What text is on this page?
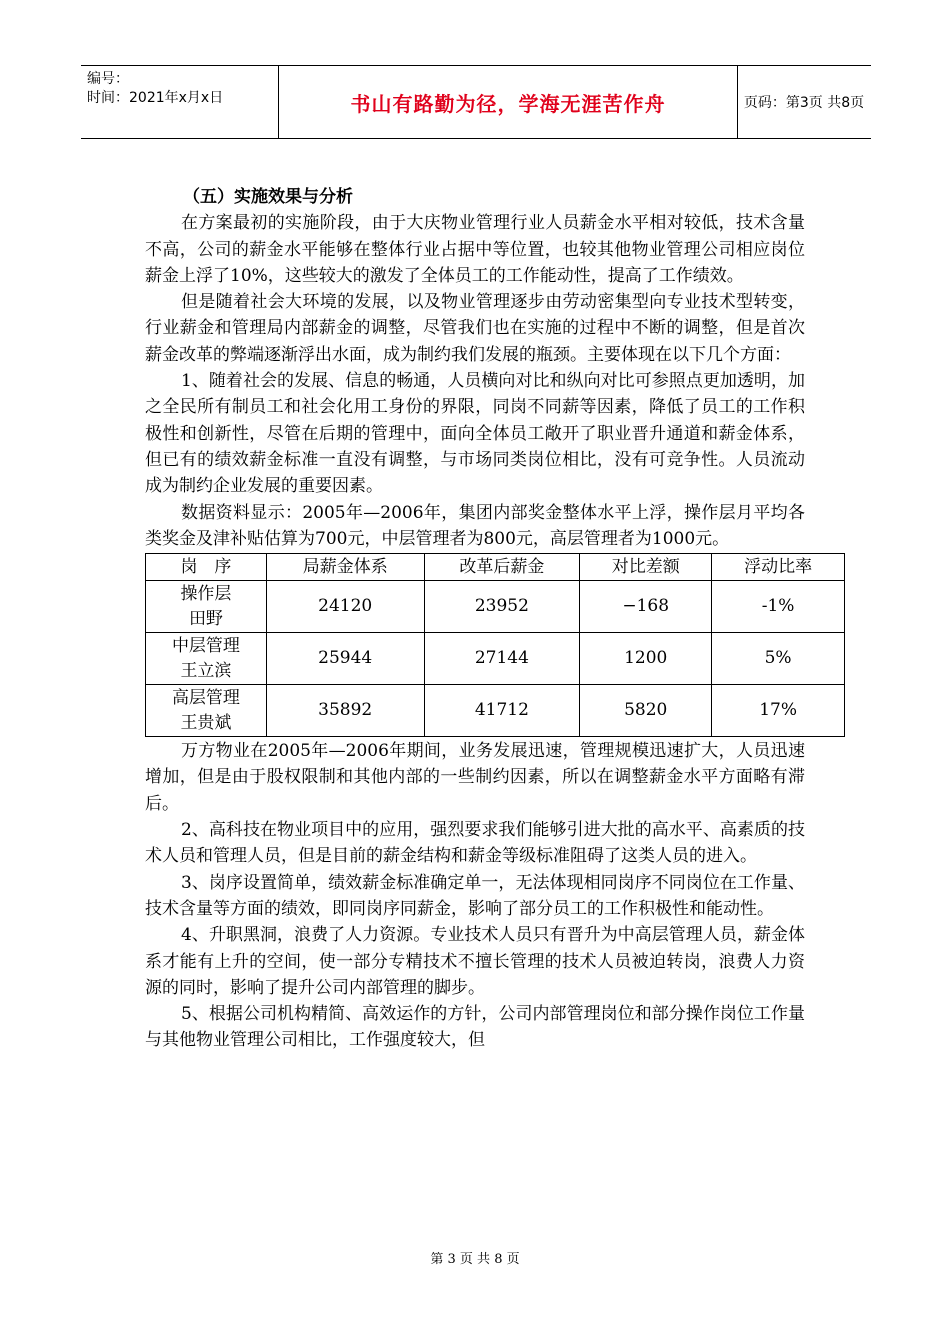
编号：
时间：2021年x月x日	书山有路勤为径，学海无涯苦作舟	页码：第3页 共8页

（五）实施效果与分析

在方案最初的实施阶段，由于大庆物业管理行业人员薪金水平相对较低，技术含量不高，公司的薪金水平能够在整体行业占据中等位置，也较其他物业管理公司相应岗位薪金上浮了10%，这些较大的激发了全体员工的工作能动性，提高了工作绩效。

但是随着社会大环境的发展，以及物业管理逐步由劳动密集型向专业技术型转变，行业薪金和管理局内部薪金的调整，尽管我们也在实施的过程中不断的调整，但是首次薪金改革的弊端逐渐浮出水面，成为制约我们发展的瓶颈。主要体现在以下几个方面：

1、随着社会的发展、信息的畅通，人员横向对比和纵向对比可参照点更加透明，加之全民所有制员工和社会化用工身份的界限，同岗不同薪等因素，降低了员工的工作积极性和创新性，尽管在后期的管理中，面向全体员工敞开了职业晋升通道和薪金体系，但已有的绩效薪金标准一直没有调整，与市场同类岗位相比，没有可竞争性。人员流动成为制约企业发展的重要因素。

数据资料显示：2005年—2006年，集团内部奖金整体水平上浮，操作层月平均各类奖金及津补贴估算为700元，中层管理者为800元，高层管理者为1000元。

岗　序	局薪金体系	改革后薪金	对比差额	浮动比率

操作层
田野	24120	23952	−168	-1%

中层管理
王立滨	25944	27144	1200	5%

高层管理
王贵斌	35892	41712	5820	17%

万方物业在2005年—2006年期间，业务发展迅速，管理规模迅速扩大，人员迅速增加，但是由于股权限制和其他内部的一些制约因素，所以在调整薪金水平方面略有滞后。

2、高科技在物业项目中的应用，强烈要求我们能够引进大批的高水平、高素质的技术人员和管理人员，但是目前的薪金结构和薪金等级标准阻碍了这类人员的进入。

3、岗序设置简单，绩效薪金标准确定单一，无法体现相同岗序不同岗位在工作量、技术含量等方面的绩效，即同岗序同薪金，影响了部分员工的工作积极性和能动性。

4、升职黑洞，浪费了人力资源。专业技术人员只有晋升为中高层管理人员，薪金体系才能有上升的空间，使一部分专精技术不擅长管理的技术人员被迫转岗，浪费人力资源的同时，影响了提升公司内部管理的脚步。

5、根据公司机构精简、高效运作的方针，公司内部管理岗位和部分操作岗位工作量与其他物业管理公司相比，工作强度较大，但

第 3 页 共 8 页
